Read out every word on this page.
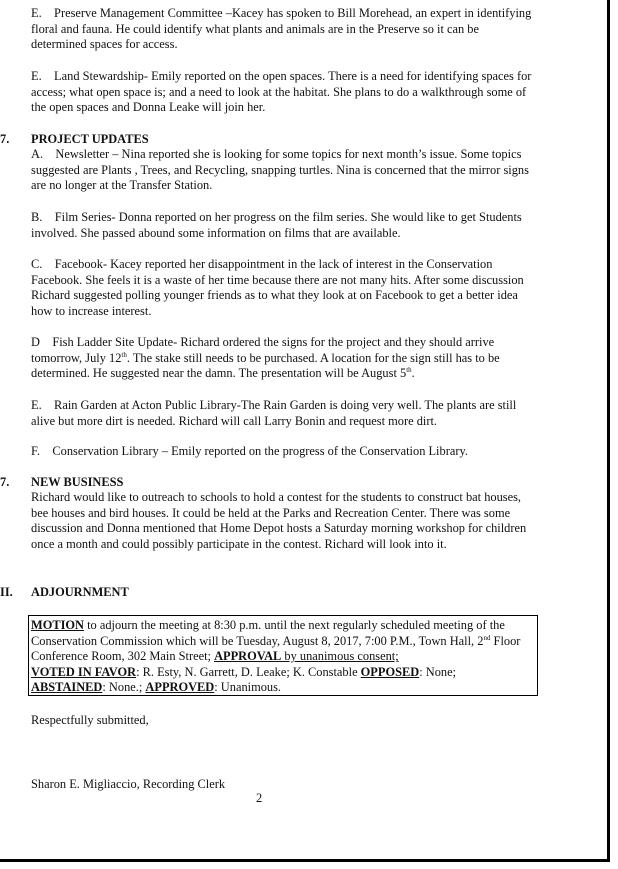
E. Preserve Management Committee –Kacey has spoken to Bill Morehead, an expert in identifying floral and fauna. He could identify what plants and animals are in the Preserve so it can be determined spaces for access.

E. Land Stewardship- Emily reported on the open spaces. There is a need for identifying spaces for access; what open space is; and a need to look at the habitat. She plans to do a walkthrough some of the open spaces and Donna Leake will join her.

7.	PROJECT UPDATES

A. Newsletter – Nina reported she is looking for some topics for next month’s issue. Some topics suggested are Plants , Trees, and Recycling, snapping turtles. Nina is concerned that the mirror signs are no longer at the Transfer Station.

B. Film Series- Donna reported on her progress on the film series. She would like to get Students involved. She passed abound some information on films that are available.

C. Facebook- Kacey reported her disappointment in the lack of interest in the Conservation Facebook. She feels it is a waste of her time because there are not many hits. After some discussion Richard suggested polling younger friends as to what they look at on Facebook to get a better idea how to increase interest.

D Fish Ladder Site Update- Richard ordered the signs for the project and they should arrive tomorrow, July 12th. The stake still needs to be purchased. A location for the sign still has to be determined. He suggested near the damn. The presentation will be August 5th.

E. Rain Garden at Acton Public Library-The Rain Garden is doing very well. The plants are still alive but more dirt is needed. Richard will call Larry Bonin and request more dirt.

F. Conservation Library – Emily reported on the progress of the Conservation Library.

7.	NEW BUSINESS

Richard would like to outreach to schools to hold a contest for the students to construct bat houses, bee houses and bird houses. It could be held at the Parks and Recreation Center. There was some discussion and Donna mentioned that Home Depot hosts a Saturday morning workshop for children once a month and could possibly participate in the contest. Richard will look into it.

II.	ADJOURNMENT

MOTION to adjourn the meeting at 8:30 p.m. until the next regularly scheduled meeting of the Conservation Commission which will be Tuesday, August 8, 2017, 7:00 P.M., Town Hall, 2nd Floor Conference Room, 302 Main Street; APPROVAL by unanimous consent;
VOTED IN FAVOR: R. Esty, N. Garrett, D. Leake; K. Constable OPPOSED: None;
ABSTAINED: None.; APPROVED: Unanimous.

Respectfully submitted,

Sharon E. Migliaccio, Recording Clerk

2
